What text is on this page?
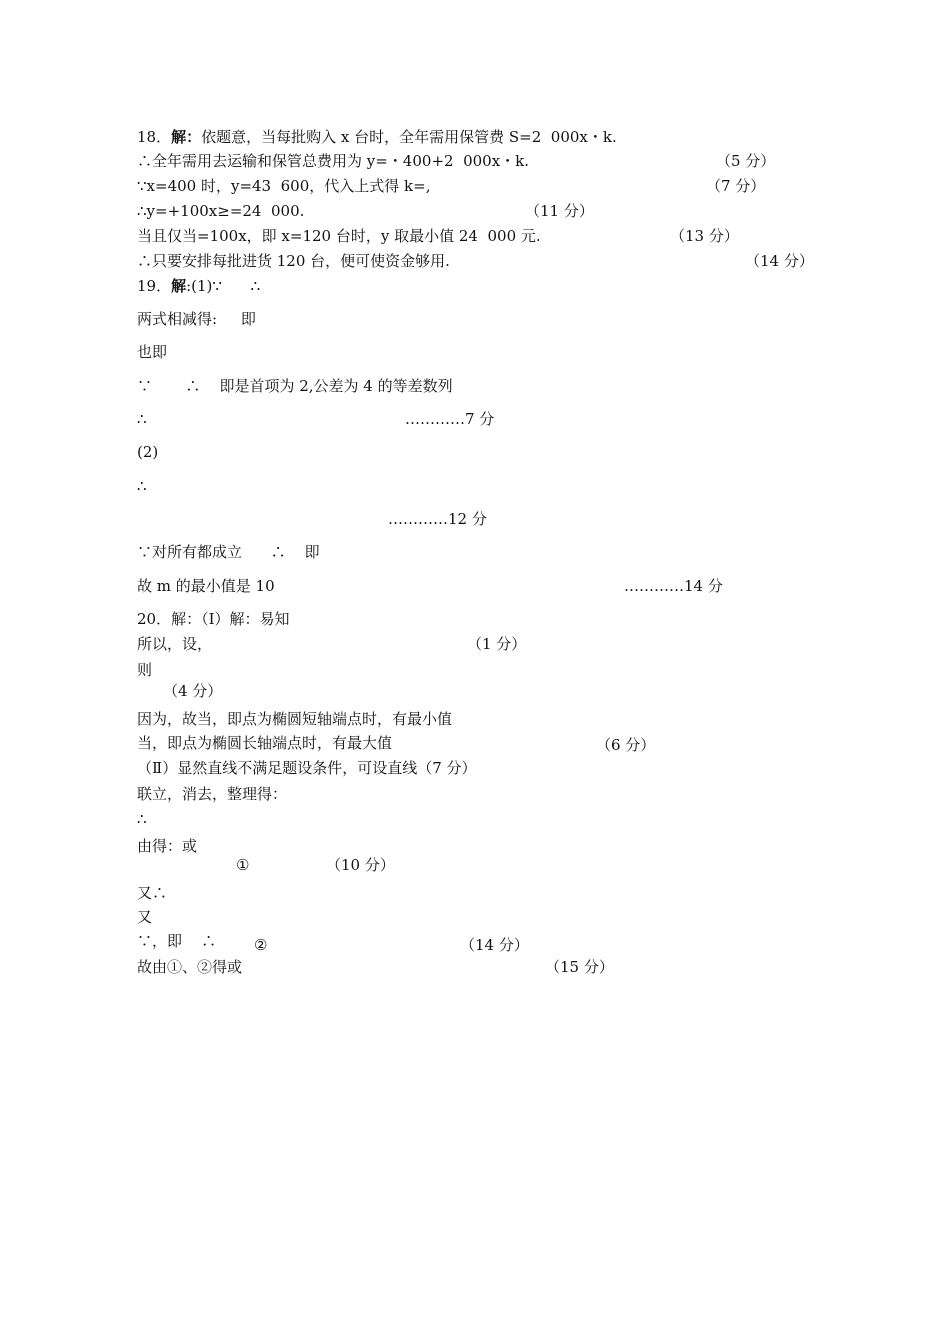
18．解：依题意，当每批购入 x 台时，全年需用保管费 S=2  000x・k.
∴全年需用去运输和保管总费用为 y=・400+2  000x・k.	（5 分）
∵x=400 时，y=43  600，代入上式得 k=,	（7 分）
∴y=+100x≥=24  000.	（11 分）
当且仅当=100x，即 x=120 台时，y 取最小值 24  000 元.	（13 分）
∴只要安排每批进货 120 台，便可使资金够用.	（14 分）
19．解:(1)∵      ∴
两式相减得:     即
也即
∵       ∴    即是首项为 2,公差为 4 的等差数列
∴	…………7 分
(2)
∴
…………12 分
∵对所有都成立      ∴    即
故 m 的最小值是 10	…………14 分
20．解：（Ⅰ）解：易知
所以，设，	（1 分）
则
（4 分）
因为，故当，即点为椭圆短轴端点时，有最小值
当，即点为椭圆长轴端点时，有最大值	（6 分）
（Ⅱ）显然直线不满足题设条件，可设直线（7 分）
联立，消去，整理得：
∴
由得：或
①	（10 分）
又∴
又
∵，即    ∴	②	（14 分）
故由①、②得或	（15 分）
